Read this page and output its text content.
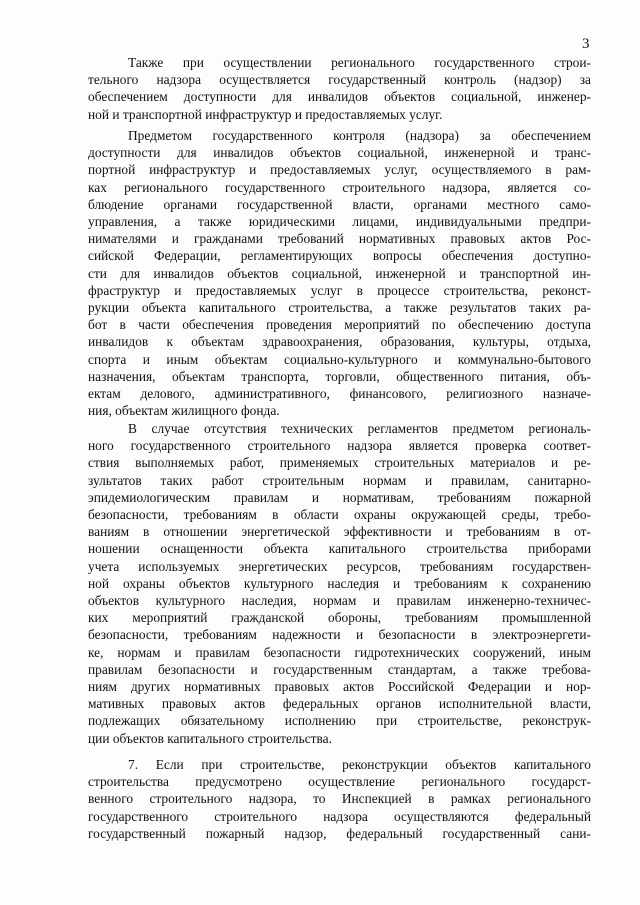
3
Также при осуществлении регионального государственного строи-
тельного надзора осуществляется государственный контроль (надзор) за
обеспечением доступности для инвалидов объектов социальной, инженер-
ной и транспортной инфраструктур и предоставляемых услуг.
Предметом государственного контроля (надзора) за обеспечением
доступности для инвалидов объектов социальной, инженерной и транс-
портной инфраструктур и предоставляемых услуг, осуществляемого в рам-
ках регионального государственного строительного надзора, является со-
блюдение органами государственной власти, органами местного само-
управления, а также юридическими лицами, индивидуальными предпри-
нимателями и гражданами требований нормативных правовых актов Рос-
сийской Федерации, регламентирующих вопросы обеспечения доступно-
сти для инвалидов объектов социальной, инженерной и транспортной ин-
фраструктур и предоставляемых услуг в процессе строительства, реконст-
рукции объекта капитального строительства, а также результатов таких ра-
бот в части обеспечения проведения мероприятий по обеспечению доступа
инвалидов к объектам здравоохранения, образования, культуры, отдыха,
спорта и иным объектам социально-культурного и коммунально-бытового
назначения, объектам транспорта, торговли, общественного питания, объ-
ектам делового, административного, финансового, религиозного назначе-
ния, объектам жилищного фонда.
В случае отсутствия технических регламентов предметом региональ-
ного государственного строительного надзора является проверка соответ-
ствия выполняемых работ, применяемых строительных материалов и ре-
зультатов таких работ строительным нормам и правилам, санитарно-
эпидемиологическим правилам и нормативам, требованиям пожарной
безопасности, требованиям в области охраны окружающей среды, требо-
ваниям в отношении энергетической эффективности и требованиям в от-
ношении оснащенности объекта капитального строительства приборами
учета используемых энергетических ресурсов, требованиям государствен-
ной охраны объектов культурного наследия и требованиям к сохранению
объектов культурного наследия, нормам и правилам инженерно-техничес-
ких мероприятий гражданской обороны, требованиям промышленной
безопасности, требованиям надежности и безопасности в электроэнергети-
ке, нормам и правилам безопасности гидротехнических сооружений, иным
правилам безопасности и государственным стандартам, а также требова-
ниям других нормативных правовых актов Российской Федерации и нор-
мативных правовых актов федеральных органов исполнительной власти,
подлежащих обязательному исполнению при строительстве, реконструк-
ции объектов капитального строительства.
7. Если при строительстве, реконструкции объектов капитального
строительства предусмотрено осуществление регионального государст-
венного строительного надзора, то Инспекцией в рамках регионального
государственного строительного надзора осуществляются федеральный
государственный пожарный надзор, федеральный государственный сани-
